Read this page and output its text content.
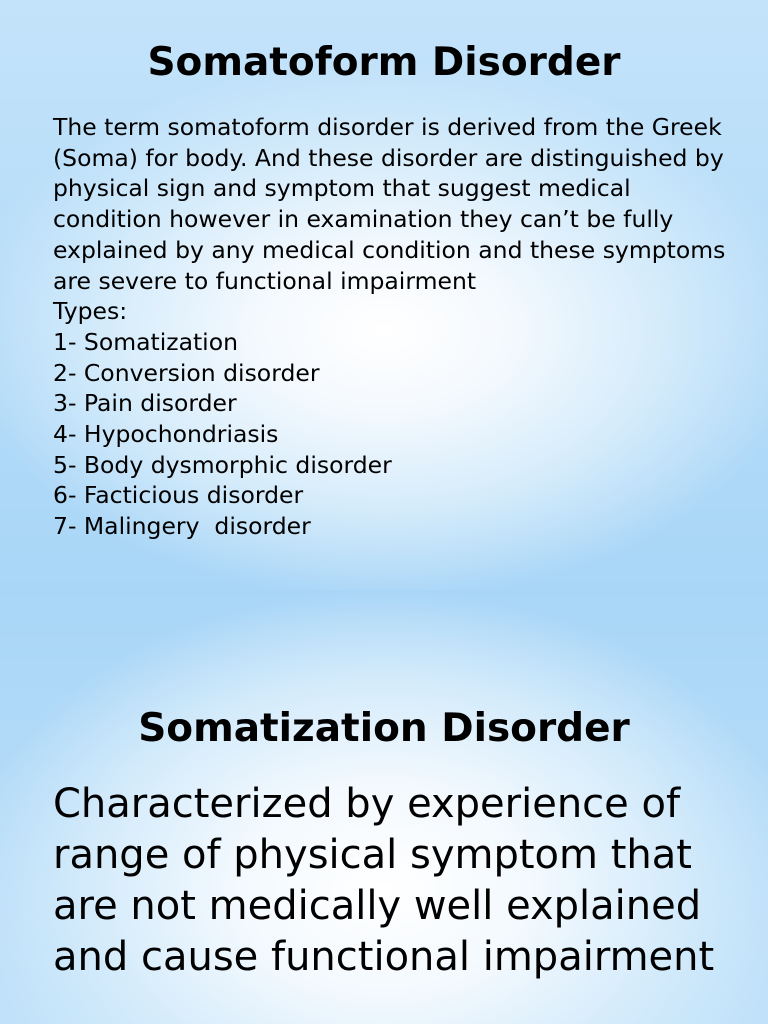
Somatoform Disorder

The term somatoform disorder is derived from the Greek (Soma) for body. And these disorder are distinguished by physical sign and symptom that suggest medical condition however in examination they can’t be fully explained by any medical condition and these symptoms are severe to functional impairment

Types:

1- Somatization
2- Conversion disorder
3- Pain disorder
4- Hypochondriasis
5- Body dysmorphic disorder
6- Facticious disorder
7- Malingery  disorder
Somatization Disorder

Characterized by experience of range of physical symptom that are not medically well explained and cause functional impairment
